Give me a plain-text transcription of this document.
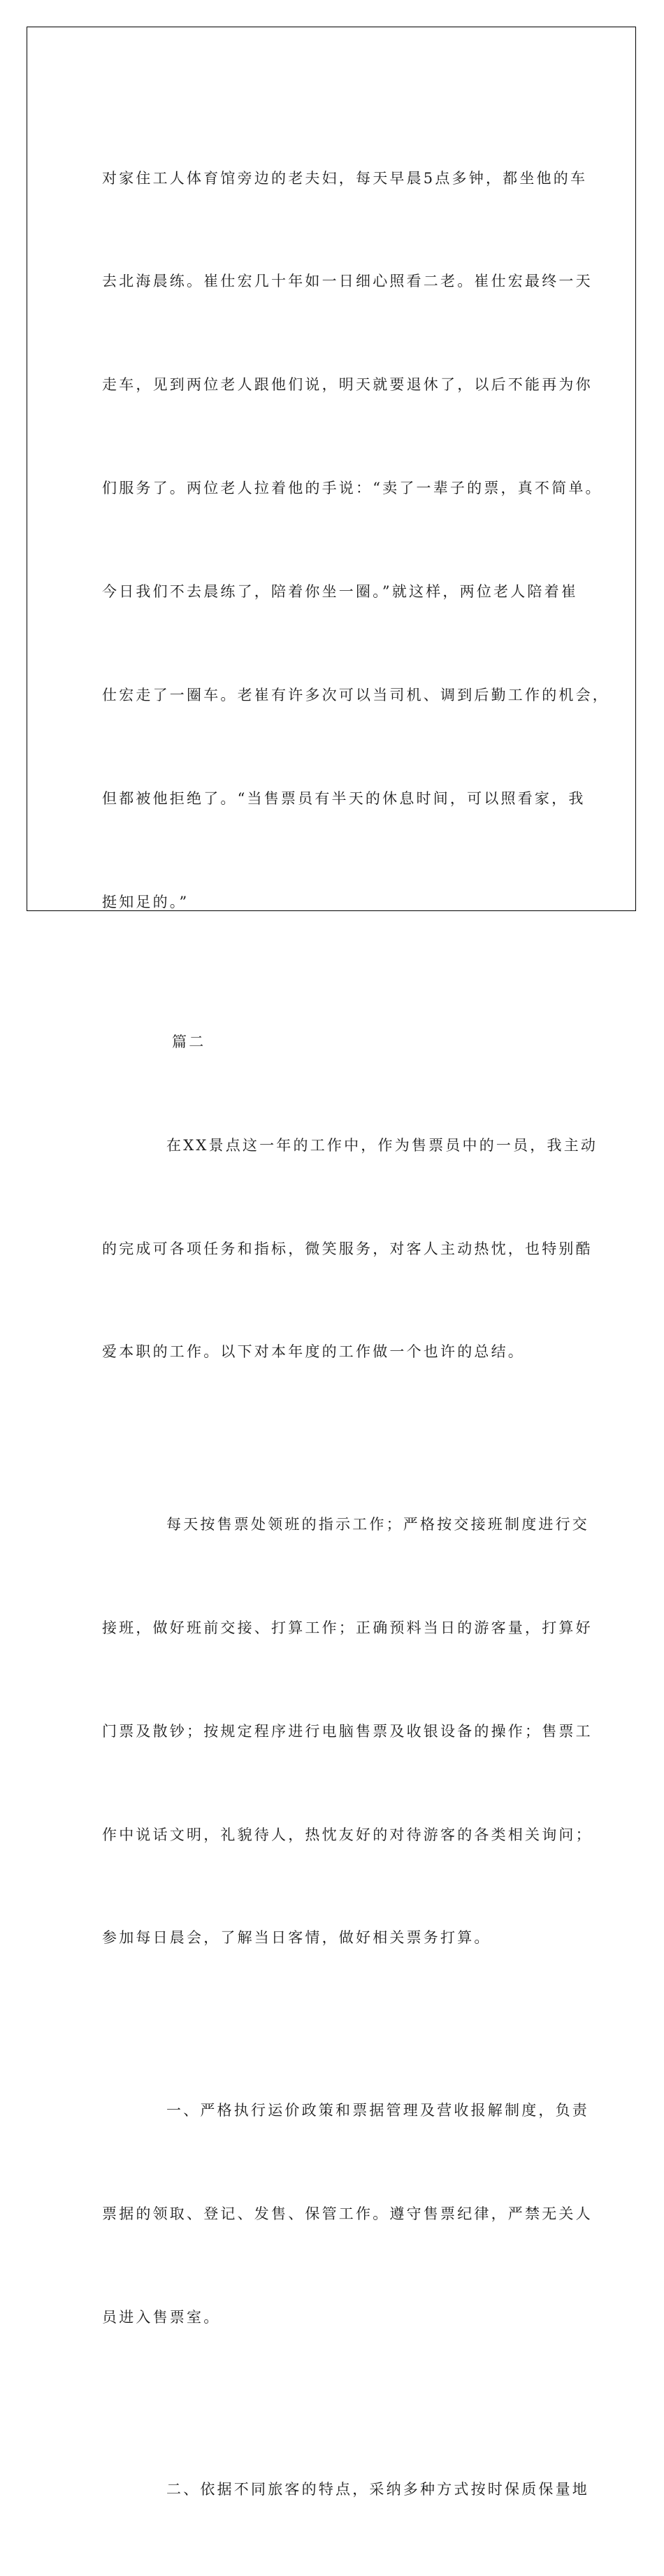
对家住工人体育馆旁边的老夫妇，每天早晨5点多钟，都坐他的车

去北海晨练。崔仕宏几十年如一日细心照看二老。崔仕宏最终一天

走车，见到两位老人跟他们说，明天就要退休了，以后不能再为你

们服务了。两位老人拉着他的手说：“卖了一辈子的票，真不简单。

今日我们不去晨练了，陪着你坐一圈。”就这样，两位老人陪着崔

仕宏走了一圈车。老崔有许多次可以当司机、调到后勤工作的机会，

但都被他拒绝了。“当售票员有半天的休息时间，可以照看家，我

挺知足的。”

篇二

在XX景点这一年的工作中，作为售票员中的一员，我主动

的完成可各项任务和指标，微笑服务，对客人主动热忱，也特别酷

爱本职的工作。以下对本年度的工作做一个也许的总结。

每天按售票处领班的指示工作；严格按交接班制度进行交

接班，做好班前交接、打算工作；正确预料当日的游客量，打算好

门票及散钞；按规定程序进行电脑售票及收银设备的操作；售票工

作中说话文明，礼貌待人，热忱友好的对待游客的各类相关询问；

参加每日晨会，了解当日客情，做好相关票务打算。

一、严格执行运价政策和票据管理及营收报解制度，负责

票据的领取、登记、发售、保管工作。遵守售票纪律，严禁无关人

员进入售票室。

二、依据不同旅客的特点，采纳多种方式按时保质保量地
